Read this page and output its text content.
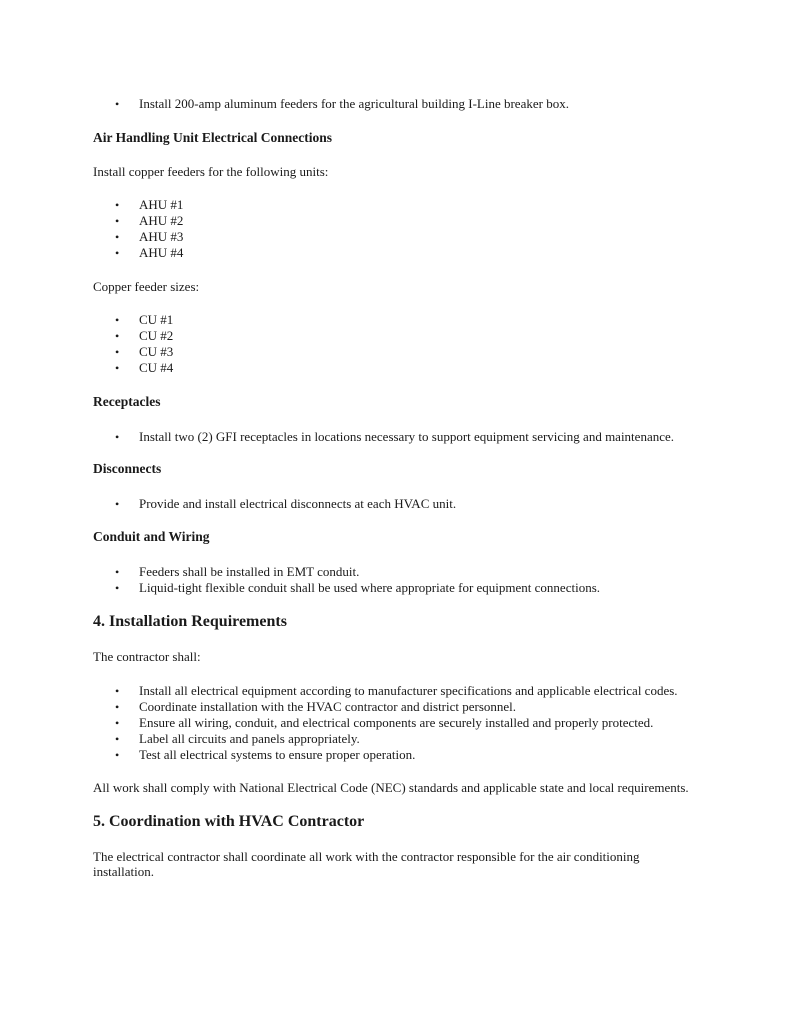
• Install 200-amp aluminum feeders for the agricultural building I-Line breaker box.
Air Handling Unit Electrical Connections
Install copper feeders for the following units:
• AHU #1
• AHU #2
• AHU #3
• AHU #4
Copper feeder sizes:
• CU #1
• CU #2
• CU #3
• CU #4
Receptacles
• Install two (2) GFI receptacles in locations necessary to support equipment servicing and maintenance.
Disconnects
• Provide and install electrical disconnects at each HVAC unit.
Conduit and Wiring
• Feeders shall be installed in EMT conduit.
• Liquid-tight flexible conduit shall be used where appropriate for equipment connections.
4. Installation Requirements
The contractor shall:
• Install all electrical equipment according to manufacturer specifications and applicable electrical codes.
• Coordinate installation with the HVAC contractor and district personnel.
• Ensure all wiring, conduit, and electrical components are securely installed and properly protected.
• Label all circuits and panels appropriately.
• Test all electrical systems to ensure proper operation.
All work shall comply with National Electrical Code (NEC) standards and applicable state and local requirements.
5. Coordination with HVAC Contractor
The electrical contractor shall coordinate all work with the contractor responsible for the air conditioning
installation.
